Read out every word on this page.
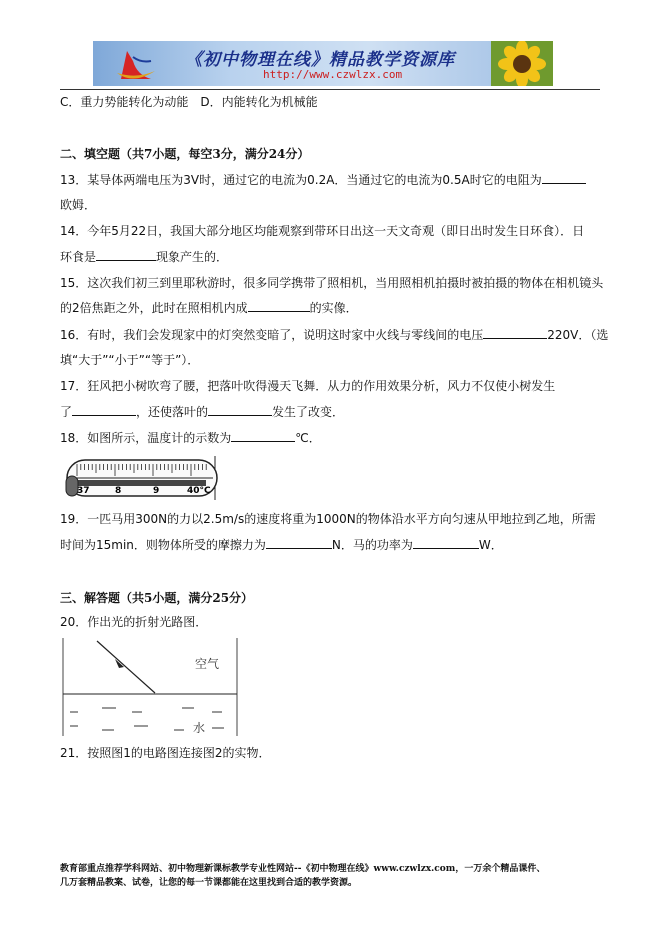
《初中物理在线》精品教学资源库
http://www.czwlzx.com
C．重力势能转化为动能　D．内能转化为机械能
二、填空题（共7小题，每空3分，满分24分）
13．某导体两端电压为3V时，通过它的电流为0.2A．当通过它的电流为0.5A时它的电阻为
欧姆．
14．今年5月22日，我国大部分地区均能观察到带环日出这一天文奇观（即日出时发生日环食）．日
环食是	现象产生的．
15．这次我们初三到里耶秋游时，很多同学携带了照相机，当用照相机拍摄时被拍摄的物体在相机镜头
的2倍焦距之外，此时在照相机内成	的实像．
16．有时，我们会发现家中的灯突然变暗了，说明这时家中火线与零线间的电压	220V．（选
填“大于”“小于”“等于”）．
17．狂风把小树吹弯了腰，把落叶吹得漫天飞舞．从力的作用效果分析，风力不仅使小树发生
了	，还使落叶的	发生了改变．
18．如图所示，温度计的示数为	℃．
37	8	9	40°C
19．一匹马用300N的力以2.5m/s的速度将重为1000N的物体沿水平方向匀速从甲地拉到乙地，所需
时间为15min．则物体所受的摩擦力为	N．马的功率为	W．
三、解答题（共5小题，满分25分）
20．作出光的折射光路图．
空气
水
21．按照图1的电路图连接图2的实物．
教育部重点推荐学科网站、初中物理新课标教学专业性网站--《初中物理在线》www.czwlzx.com，一万余个精品课件、
几万套精品教案、试卷，让您的每一节课都能在这里找到合适的教学资源。
